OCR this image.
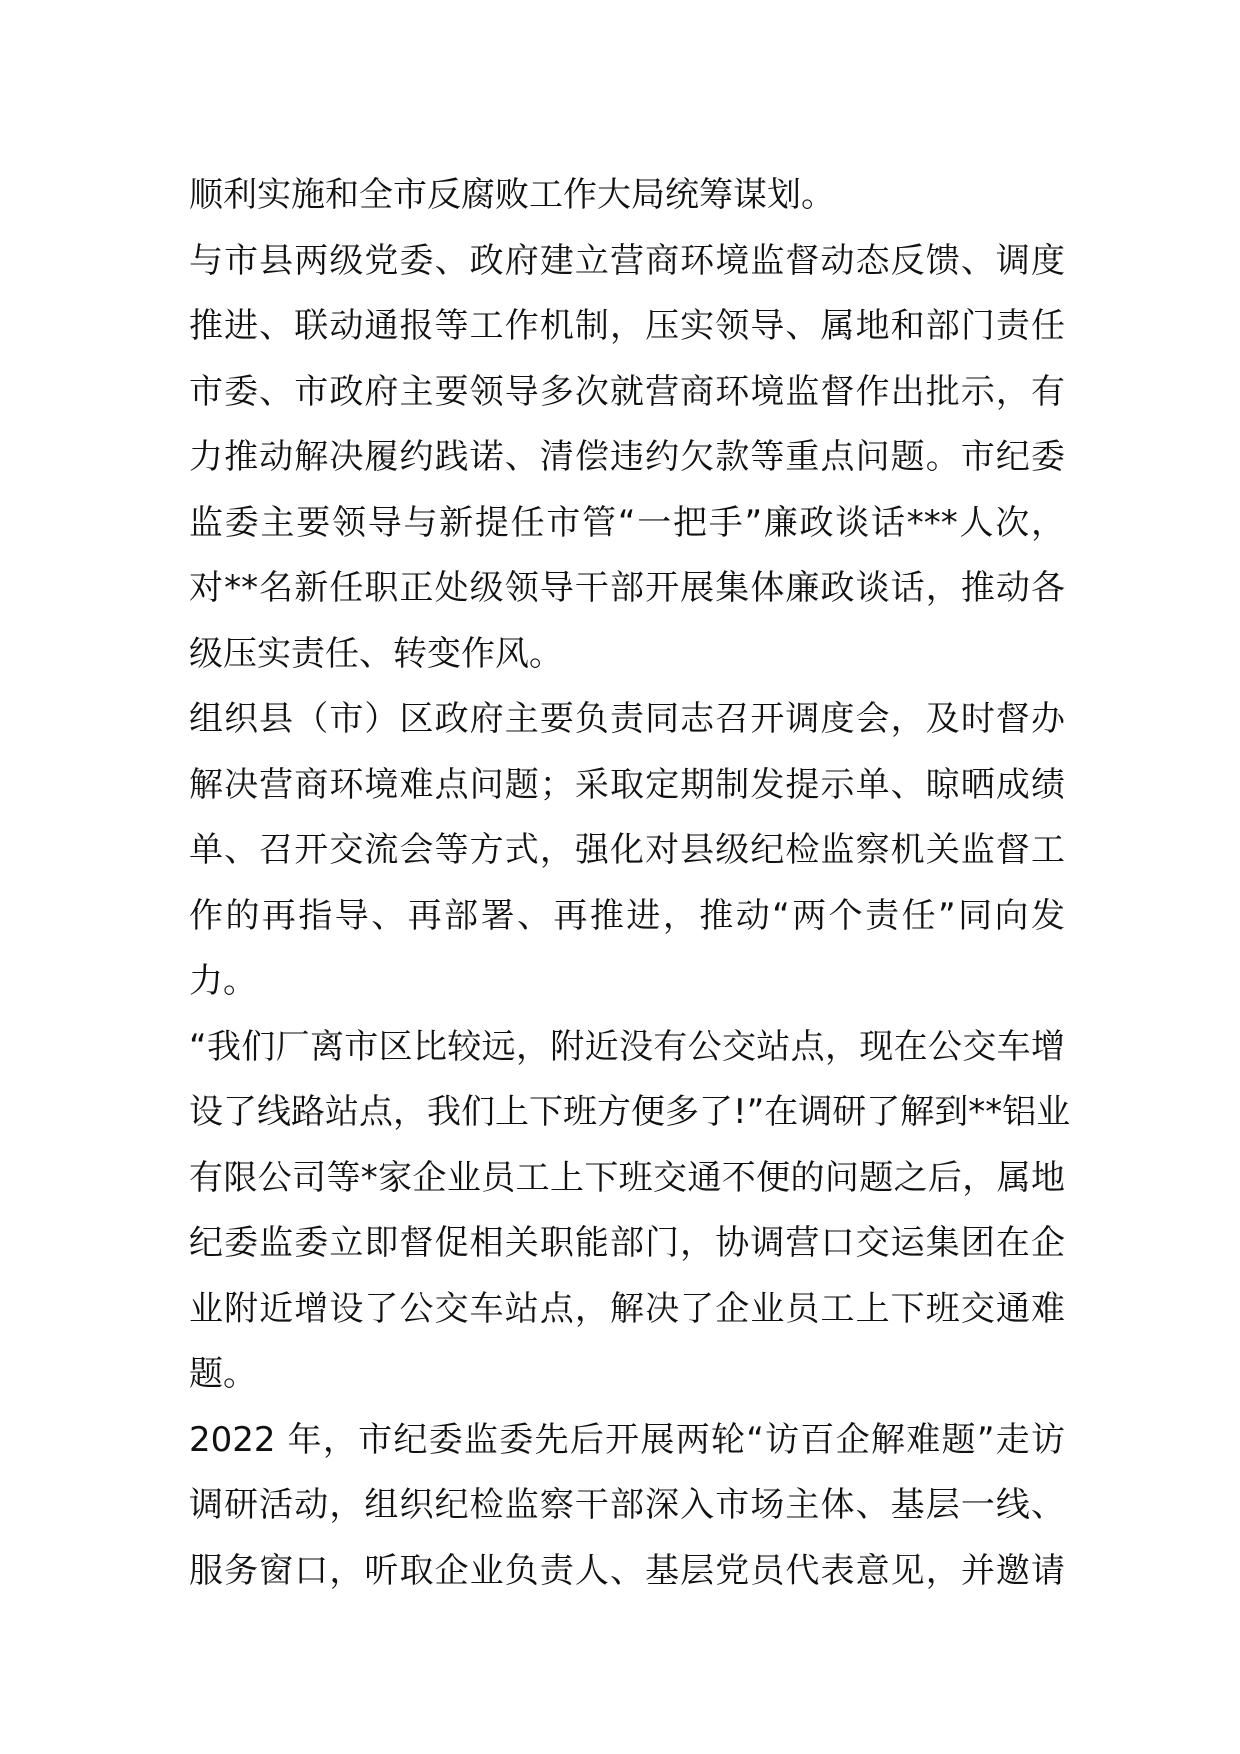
顺利实施和全市反腐败工作大局统筹谋划。
与市县两级党委、政府建立营商环境监督动态反馈、调度
推进、联动通报等工作机制，压实领导、属地和部门责任
市委、市政府主要领导多次就营商环境监督作出批示，有
力推动解决履约践诺、清偿违约欠款等重点问题。市纪委
监委主要领导与新提任市管“一把手”廉政谈话***人次，
对**名新任职正处级领导干部开展集体廉政谈话，推动各
级压实责任、转变作风。
组织县（市）区政府主要负责同志召开调度会，及时督办
解决营商环境难点问题；采取定期制发提示单、晾晒成绩
单、召开交流会等方式，强化对县级纪检监察机关监督工
作的再指导、再部署、再推进，推动“两个责任”同向发
力。
“我们厂离市区比较远，附近没有公交站点，现在公交车增
设了线路站点，我们上下班方便多了!”在调研了解到**铝业
有限公司等*家企业员工上下班交通不便的问题之后，属地
纪委监委立即督促相关职能部门，协调营口交运集团在企
业附近增设了公交车站点，解决了企业员工上下班交通难
题。
2022 年，市纪委监委先后开展两轮“访百企解难题”走访
调研活动，组织纪检监察干部深入市场主体、基层一线、
服务窗口，听取企业负责人、基层党员代表意见，并邀请
